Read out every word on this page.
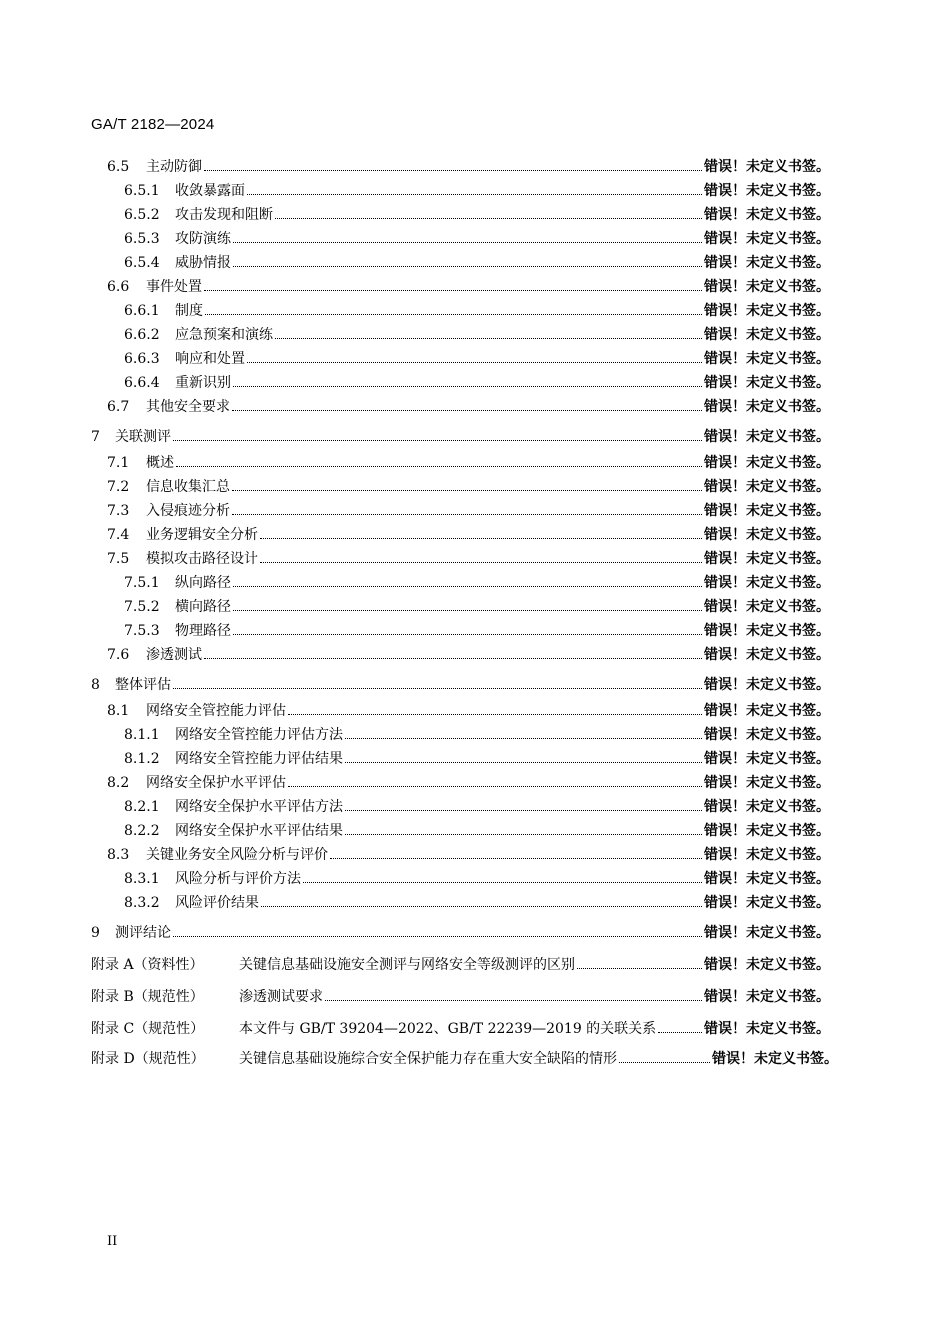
GA/T 2182—2024
6.5	主动防御	错误！未定义书签。
6.5.1	收敛暴露面	错误！未定义书签。
6.5.2	攻击发现和阻断	错误！未定义书签。
6.5.3	攻防演练	错误！未定义书签。
6.5.4	威胁情报	错误！未定义书签。
6.6	事件处置	错误！未定义书签。
6.6.1	制度	错误！未定义书签。
6.6.2	应急预案和演练	错误！未定义书签。
6.6.3	响应和处置	错误！未定义书签。
6.6.4	重新识别	错误！未定义书签。
6.7	其他安全要求	错误！未定义书签。
7	关联测评	错误！未定义书签。
7.1	概述	错误！未定义书签。
7.2	信息收集汇总	错误！未定义书签。
7.3	入侵痕迹分析	错误！未定义书签。
7.4	业务逻辑安全分析	错误！未定义书签。
7.5	模拟攻击路径设计	错误！未定义书签。
7.5.1	纵向路径	错误！未定义书签。
7.5.2	横向路径	错误！未定义书签。
7.5.3	物理路径	错误！未定义书签。
7.6	渗透测试	错误！未定义书签。
8	整体评估	错误！未定义书签。
8.1	网络安全管控能力评估	错误！未定义书签。
8.1.1	网络安全管控能力评估方法	错误！未定义书签。
8.1.2	网络安全管控能力评估结果	错误！未定义书签。
8.2	网络安全保护水平评估	错误！未定义书签。
8.2.1	网络安全保护水平评估方法	错误！未定义书签。
8.2.2	网络安全保护水平评估结果	错误！未定义书签。
8.3	关键业务安全风险分析与评价	错误！未定义书签。
8.3.1	风险分析与评价方法	错误！未定义书签。
8.3.2	风险评价结果	错误！未定义书签。
9	测评结论	错误！未定义书签。
附录 A（资料性）	关键信息基础设施安全测评与网络安全等级测评的区别	错误！未定义书签。
附录 B（规范性）	渗透测试要求	错误！未定义书签。
附录 C（规范性）	本文件与 GB/T 39204—2022、GB/T 22239—2019 的关联关系	错误！未定义书签。
附录 D（规范性）	关键信息基础设施综合安全保护能力存在重大安全缺陷的情形	错误！未定义书签。
II
